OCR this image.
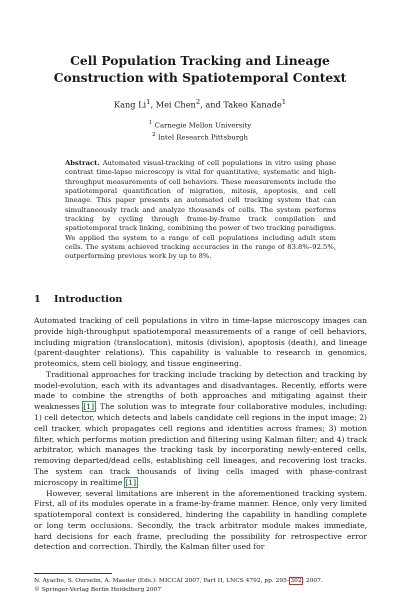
Cell Population Tracking and Lineage
Construction with Spatiotemporal Context
Kang Li$^1$, Mei Chen$^2$, and Takeo Kanade$^1$
$^1$ Carnegie Mellon University
$^2$ Intel Research Pittsburgh
Abstract. Automated visual-tracking of cell populations in vitro using phase contrast time-lapse microscopy is vital for quantitative, systematic and high-throughput measurements of cell behaviors. These measurements include the spatiotemporal quantification of migration, mitosis, apoptosis, and cell lineage. This paper presents an automated cell tracking system that can simultaneously track and analyze thousands of cells. The system performs tracking by cycling through frame-by-frame track compilation and spatiotemporal track linking, combining the power of two tracking paradigms. We applied the system to a range of cell populations including adult stem cells. The system achieved tracking accuracies in the range of 83.8%–92.5%, outperforming previous work by up to 8%.
1 Introduction

Automated tracking of cell populations in vitro in time-lapse microscopy images can provide high-throughput spatiotemporal measurements of a range of cell behaviors, including migration (translocation), mitosis (division), apoptosis (death), and lineage (parent-daughter relations). This capability is valuable to research in genomics, proteomics, stem cell biology, and tissue engineering.

Traditional approaches for tracking include tracking by detection and tracking by model-evolution, each with its advantages and disadvantages. Recently, efforts were made to combine the strengths of both approaches and mitigating against their weaknesses [1]. The solution was to integrate four collaborative modules, including: 1) cell detector, which detects and labels candidate cell regions in the input image; 2) cell tracker, which propagates cell regions and identities across frames; 3) motion filter, which performs motion prediction and filtering using Kalman filter; and 4) track arbitrator, which manages the tracking task by incorporating newly-entered cells, removing departed/dead cells, establishing cell lineages, and recovering lost tracks. The system can track thousands of living cells imaged with phase-contrast microscopy in realtime [1].

However, several limitations are inherent in the aforementioned tracking system. First, all of its modules operate in a frame-by-frame manner. Hence, only very limited spatiotemporal context is considered, hindering the capability in handling complete or long term occlusions. Secondly, the track arbitrator module makes immediate, hard decisions for each frame, precluding the possibility for retrospective error detection and correction. Thirdly, the Kalman filter used for

N. Ayache, S. Ourselin, A. Maeder (Eds.): MICCAI 2007, Part II, LNCS 4792, pp. 295–302, 2007.
© Springer-Verlag Berlin Heidelberg 2007
